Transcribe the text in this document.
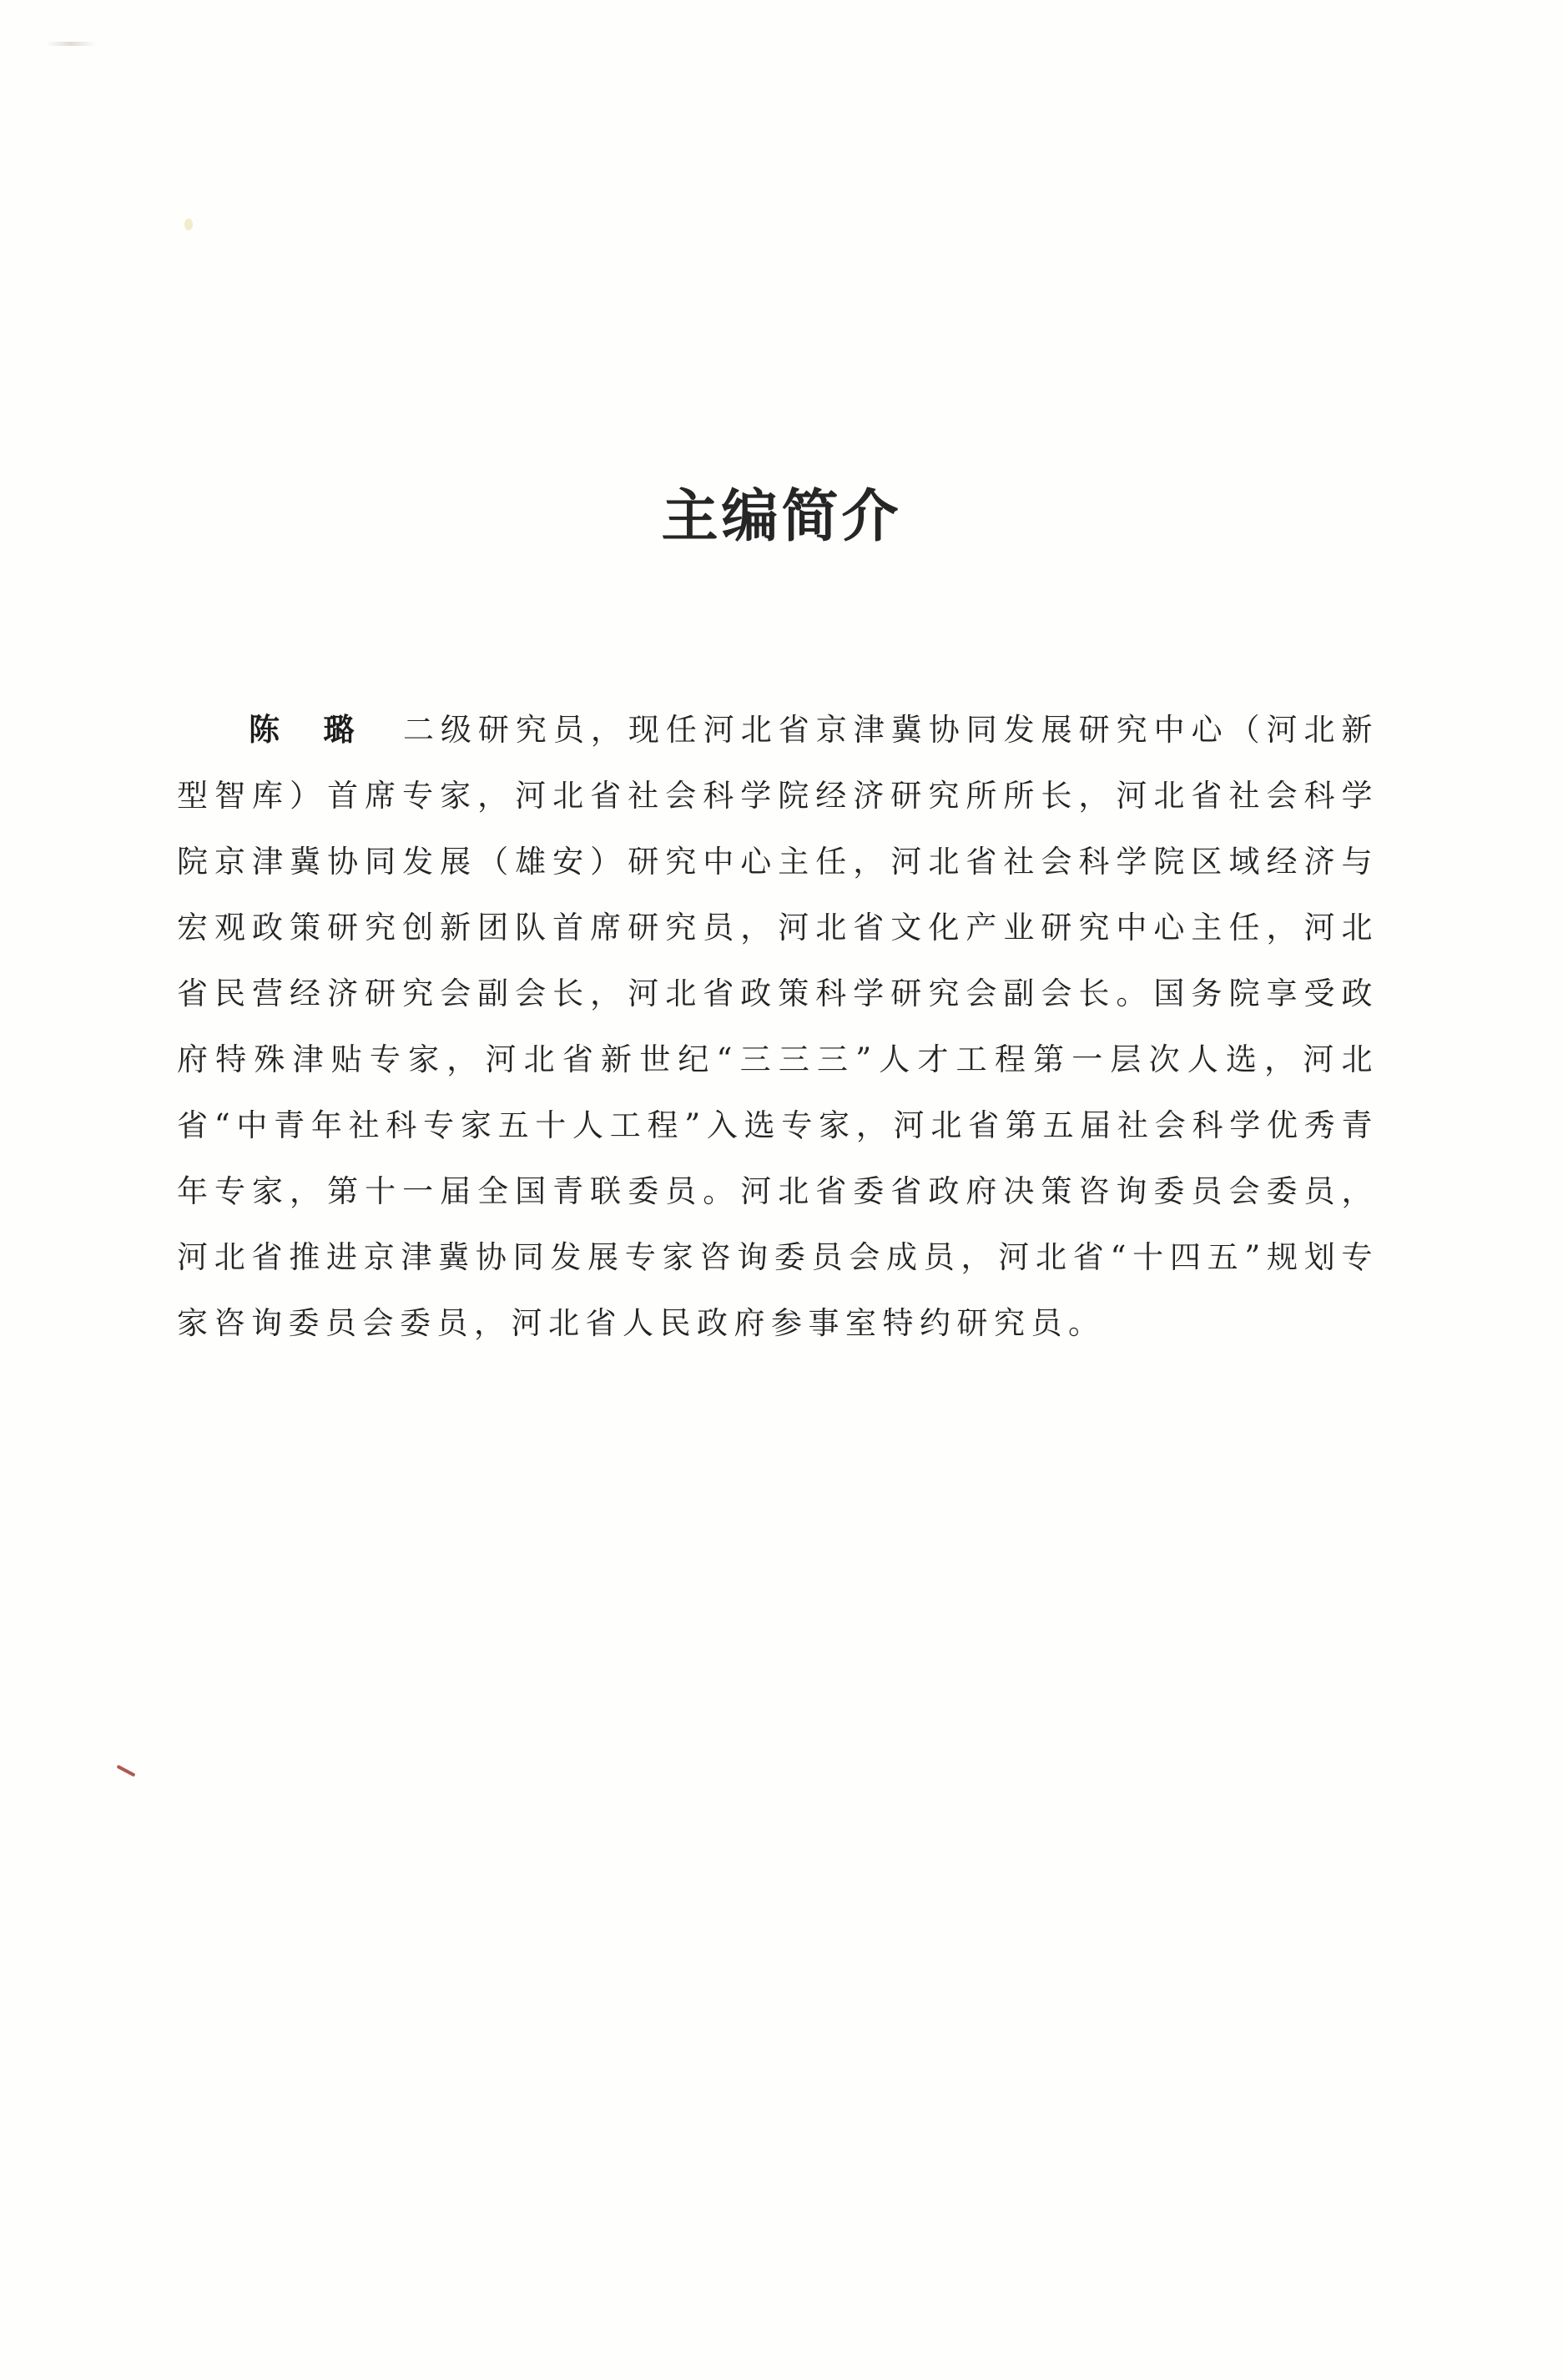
主编简介

陈璐 二级研究员，现任河北省京津冀协同发展研究中心（河北新型智库）首席专家，河北省社会科学院经济研究所所长，河北省社会科学院京津冀协同发展（雄安）研究中心主任，河北省社会科学院区域经济与宏观政策研究创新团队首席研究员，河北省文化产业研究中心主任，河北省民营经济研究会副会长，河北省政策科学研究会副会长。国务院享受政府特殊津贴专家，河北省新世纪“三三三”人才工程第一层次人选，河北省“中青年社科专家五十人工程”入选专家，河北省第五届社会科学优秀青年专家，第十一届全国青联委员。河北省委省政府决策咨询委员会委员，河北省推进京津冀协同发展专家咨询委员会成员，河北省“十四五”规划专家咨询委员会委员，河北省人民政府参事室特约研究员。
